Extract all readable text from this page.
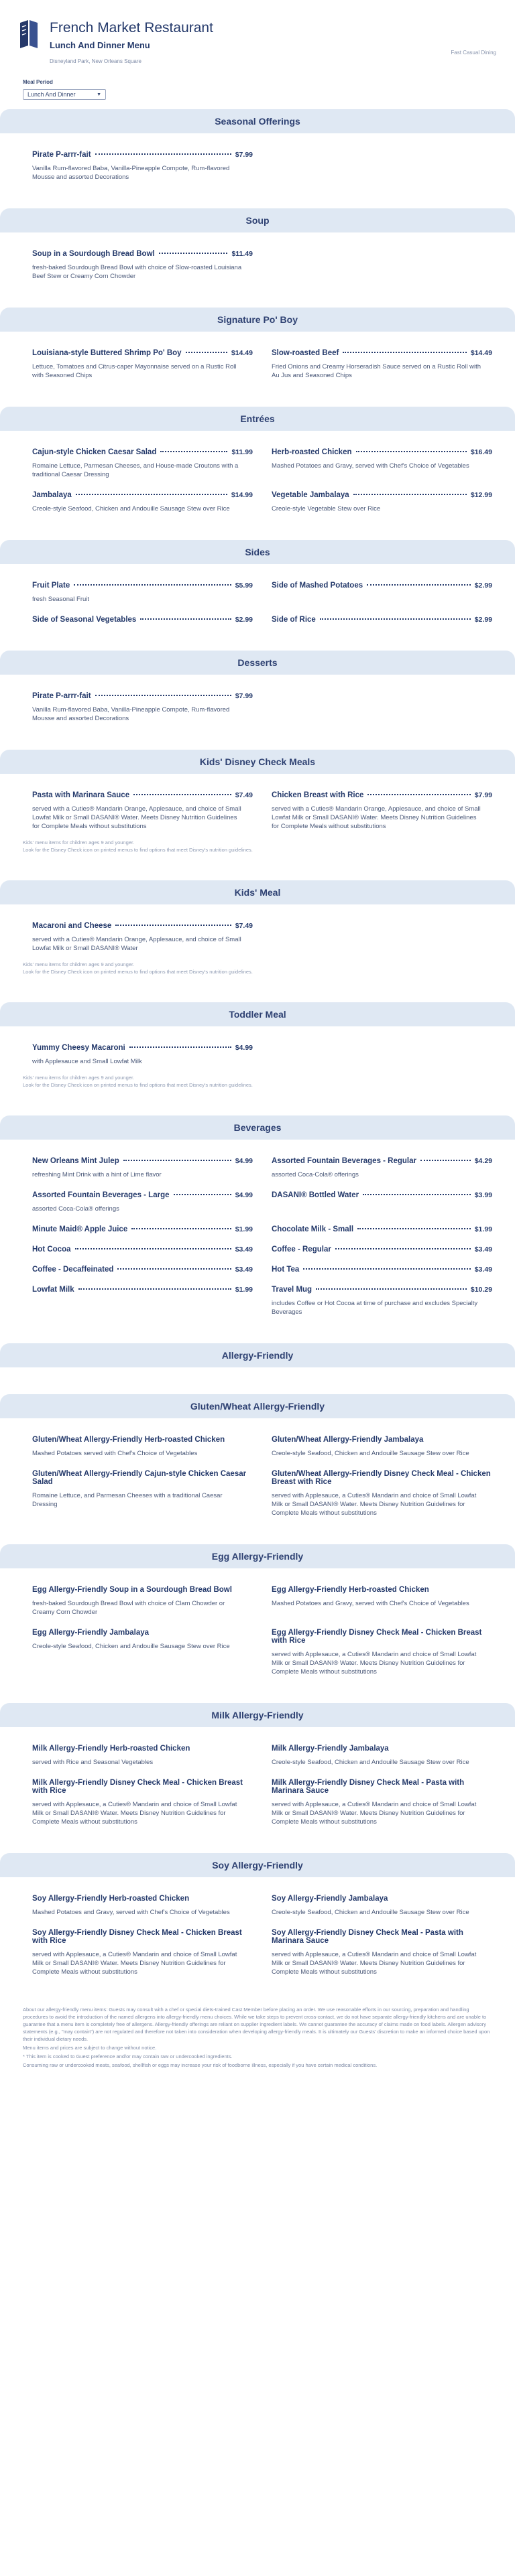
French Market Restaurant
Lunch And Dinner Menu
Disneyland Park, New Orleans Square
Fast Casual Dining
Meal Period
Lunch And Dinner	▼
Seasonal Offerings
Pirate P-arrr-fait	$7.99
Vanilla Rum-flavored Baba, Vanilla-Pineapple Compote, Rum-flavored Mousse and assorted Decorations
Soup
Soup in a Sourdough Bread Bowl	$11.49
fresh-baked Sourdough Bread Bowl with choice of Slow-roasted Louisiana Beef Stew or Creamy Corn Chowder
Signature Po' Boy
Louisiana-style Buttered Shrimp Po' Boy	$14.49
Lettuce, Tomatoes and Citrus-caper Mayonnaise served on a Rustic Roll with Seasoned Chips
Slow-roasted Beef	$14.49
Fried Onions and Creamy Horseradish Sauce served on a Rustic Roll with Au Jus and Seasoned Chips
Entrées
Cajun-style Chicken Caesar Salad	$11.99
Romaine Lettuce, Parmesan Cheeses, and House-made Croutons with a traditional Caesar Dressing
Herb-roasted Chicken	$16.49
Mashed Potatoes and Gravy, served with Chef's Choice of Vegetables
Jambalaya	$14.99
Creole-style Seafood, Chicken and Andouille Sausage Stew over Rice
Vegetable Jambalaya	$12.99
Creole-style Vegetable Stew over Rice
Sides
Fruit Plate	$5.99
fresh Seasonal Fruit
Side of Mashed Potatoes	$2.99
Side of Seasonal Vegetables	$2.99 Side of Rice	$2.99
Desserts
Pirate P-arrr-fait	$7.99
Vanilla Rum-flavored Baba, Vanilla-Pineapple Compote, Rum-flavored Mousse and assorted Decorations
Kids' Disney Check Meals
Pasta with Marinara Sauce	$7.49
served with a Cuties® Mandarin Orange, Applesauce, and choice of Small Lowfat Milk or Small DASANI® Water. Meets Disney Nutrition Guidelines for Complete Meals without substitutions
Chicken Breast with Rice	$7.99
served with a Cuties® Mandarin Orange, Applesauce, and choice of Small Lowfat Milk or Small DASANI® Water. Meets Disney Nutrition Guidelines for Complete Meals without substitutions
Kids' menu items for children ages 9 and younger.
Look for the Disney Check icon on printed menus to find options that meet Disney's nutrition guidelines.
Kids' Meal
Macaroni and Cheese	$7.49
served with a Cuties® Mandarin Orange, Applesauce, and choice of Small Lowfat Milk or Small DASANI® Water
Kids' menu items for children ages 9 and younger.
Look for the Disney Check icon on printed menus to find options that meet Disney's nutrition guidelines.
Toddler Meal
Yummy Cheesy Macaroni	$4.99
with Applesauce and Small Lowfat Milk
Kids' menu items for children ages 9 and younger.
Look for the Disney Check icon on printed menus to find options that meet Disney's nutrition guidelines.
Beverages
New Orleans Mint Julep	$4.99
refreshing Mint Drink with a hint of Lime flavor
Assorted Fountain Beverages - Regular	$4.29
assorted Coca-Cola® offerings
Assorted Fountain Beverages - Large	$4.99
assorted Coca-Cola® offerings
DASANI® Bottled Water	$3.99
Minute Maid® Apple Juice	$1.99 Chocolate Milk - Small	$1.99
Hot Cocoa	$3.49 Coffee - Regular	$3.49
Coffee - Decaffeinated	$3.49 Hot Tea	$3.49
Lowfat Milk	$1.99 Travel Mug	$10.29
includes Coffee or Hot Cocoa at time of purchase and excludes Specialty Beverages
Allergy-Friendly
Gluten/Wheat Allergy-Friendly
Gluten/Wheat Allergy-Friendly Herb-roasted Chicken
Mashed Potatoes served with Chef's Choice of Vegetables
Gluten/Wheat Allergy-Friendly Jambalaya
Creole-style Seafood, Chicken and Andouille Sausage Stew over Rice
Gluten/Wheat Allergy-Friendly Cajun-style Chicken Caesar Salad
Romaine Lettuce, and Parmesan Cheeses with a traditional Caesar Dressing
Gluten/Wheat Allergy-Friendly Disney Check Meal - Chicken Breast with Rice
served with Applesauce, a Cuties® Mandarin and choice of Small Lowfat Milk or Small DASANI® Water. Meets Disney Nutrition Guidelines for Complete Meals without substitutions
Egg Allergy-Friendly
Egg Allergy-Friendly Soup in a Sourdough Bread Bowl
fresh-baked Sourdough Bread Bowl with choice of Clam Chowder or Creamy Corn Chowder
Egg Allergy-Friendly Herb-roasted Chicken
Mashed Potatoes and Gravy, served with Chef's Choice of Vegetables
Egg Allergy-Friendly Jambalaya
Creole-style Seafood, Chicken and Andouille Sausage Stew over Rice
Egg Allergy-Friendly Disney Check Meal - Chicken Breast with Rice
served with Applesauce, a Cuties® Mandarin and choice of Small Lowfat Milk or Small DASANI® Water. Meets Disney Nutrition Guidelines for Complete Meals without substitutions
Milk Allergy-Friendly
Milk Allergy-Friendly Herb-roasted Chicken
served with Rice and Seasonal Vegetables
Milk Allergy-Friendly Jambalaya
Creole-style Seafood, Chicken and Andouille Sausage Stew over Rice
Milk Allergy-Friendly Disney Check Meal - Chicken Breast with Rice
served with Applesauce, a Cuties® Mandarin and choice of Small Lowfat Milk or Small DASANI® Water. Meets Disney Nutrition Guidelines for Complete Meals without substitutions
Milk Allergy-Friendly Disney Check Meal - Pasta with Marinara Sauce
served with Applesauce, a Cuties® Mandarin and choice of Small Lowfat Milk or Small DASANI® Water. Meets Disney Nutrition Guidelines for Complete Meals without substitutions
Soy Allergy-Friendly
Soy Allergy-Friendly Herb-roasted Chicken
Mashed Potatoes and Gravy, served with Chef's Choice of Vegetables
Soy Allergy-Friendly Jambalaya
Creole-style Seafood, Chicken and Andouille Sausage Stew over Rice
Soy Allergy-Friendly Disney Check Meal - Chicken Breast with Rice
served with Applesauce, a Cuties® Mandarin and choice of Small Lowfat Milk or Small DASANI® Water. Meets Disney Nutrition Guidelines for Complete Meals without substitutions
Soy Allergy-Friendly Disney Check Meal - Pasta with Marinara Sauce
served with Applesauce, a Cuties® Mandarin and choice of Small Lowfat Milk or Small DASANI® Water. Meets Disney Nutrition Guidelines for Complete Meals without substitutions

About our allergy-friendly menu items: Guests may consult with a chef or special diets-trained Cast Member before placing an order. We use reasonable efforts in our sourcing, preparation and handling procedures to avoid the introduction of the named allergens into allergy-friendly menu choices. While we take steps to prevent cross-contact, we do not have separate allergy-friendly kitchens and are unable to guarantee that a menu item is completely free of allergens. Allergy-friendly offerings are reliant on supplier ingredient labels. We cannot guarantee the accuracy of claims made on food labels. Allergen advisory statements (e.g., "may contain") are not regulated and therefore not taken into consideration when developing allergy-friendly meals. It is ultimately our Guests' discretion to make an informed choice based upon their individual dietary needs.

Menu items and prices are subject to change without notice.

* This item is cooked to Guest preference and/or may contain raw or undercooked ingredients.

Consuming raw or undercooked meats, seafood, shellfish or eggs may increase your risk of foodborne illness, especially if you have certain medical conditions.
